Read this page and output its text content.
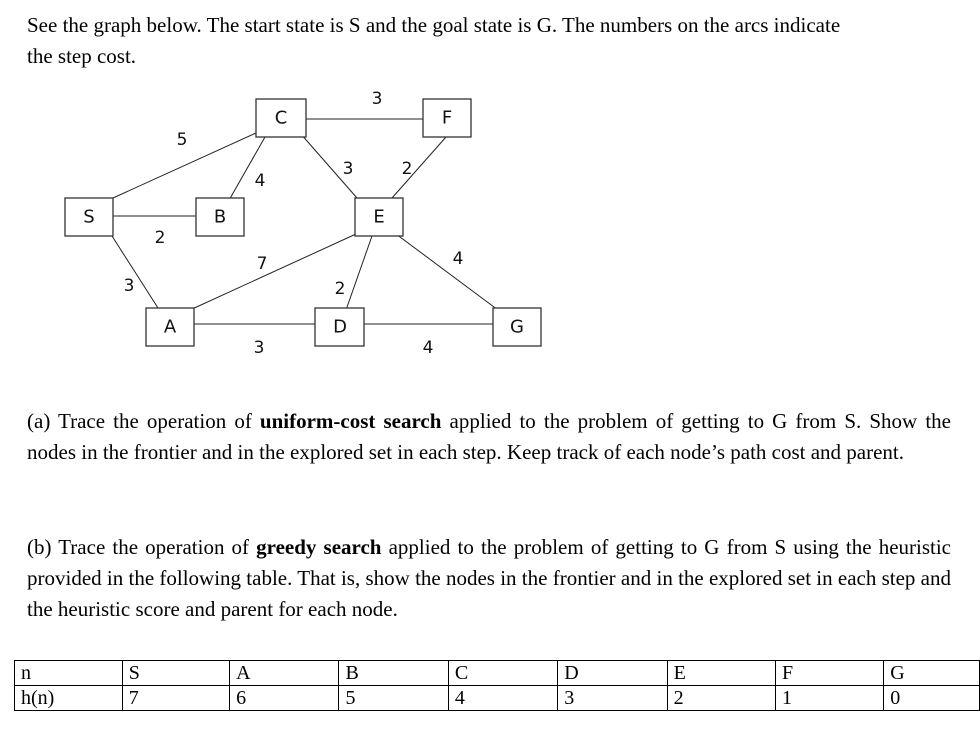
See the graph below. The start state is S and the goal state is G. The numbers on the arcs indicate
the step cost.
5
2
3
4
3
3	2
7
2
4
3	4
S	B
C	F
E
A	D	G

(a) Trace the operation of uniform-cost search applied to the problem of getting to G from S. Show the nodes in the frontier and in the explored set in each step. Keep track of each node’s path cost and parent.

(b) Trace the operation of greedy search applied to the problem of getting to G from S using the heuristic provided in the following table. That is, show the nodes in the frontier and in the explored set in each step and the heuristic score and parent for each node.

n	S	A	B	C	D	E	F	G
h(n)	7	6	5	4	3	2	1	0
